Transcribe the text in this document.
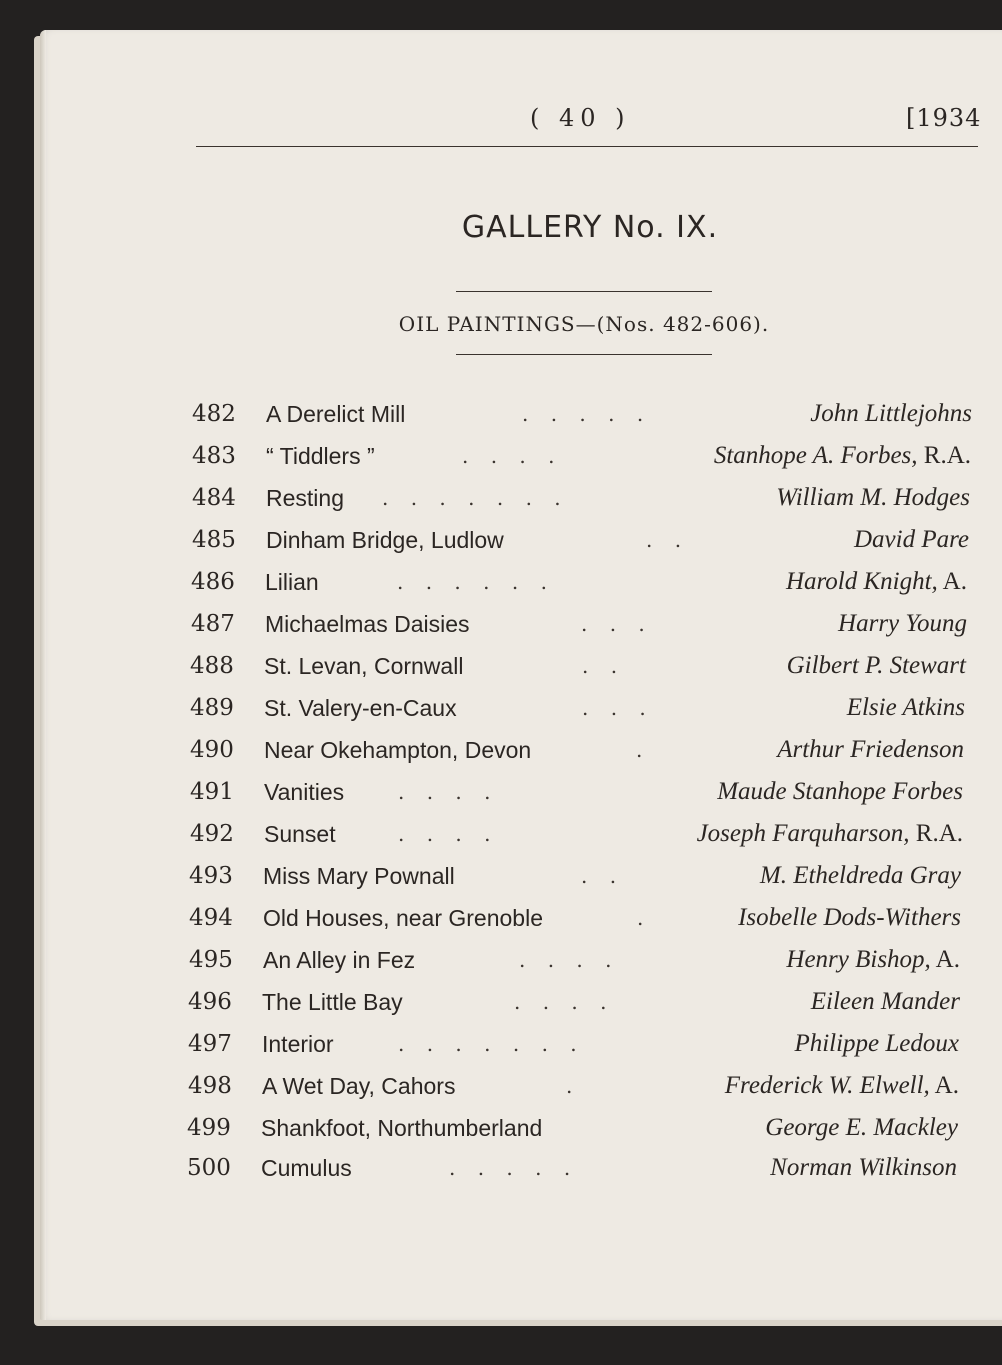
( 40 )	[1934
GALLERY No. IX.
OIL PAINTINGS—(Nos. 482-606).
482 A Derelict Mill	. . . . .	John Littlejohns
483 “ Tiddlers ”	. . . .	Stanhope A. Forbes, R.A.
484 Resting . . . . . . .	William M. Hodges
485 Dinham Bridge, Ludlow	. .	David Pare
486 Lilian	. . . . . .	Harold Knight, A.
487 Michaelmas Daisies	. . .	Harry Young
488 St. Levan, Cornwall	. .	Gilbert P. Stewart
489 St. Valery-en-Caux	. . .	Elsie Atkins
490 Near Okehampton, Devon	.	Arthur Friedenson
491 Vanities	. . . .	Maude Stanhope Forbes
492 Sunset	. . . .	Joseph Farquharson, R.A.
493 Miss Mary Pownall	. .	M. Etheldreda Gray
494 Old Houses, near Grenoble	.	Isobelle Dods-Withers
495 An Alley in Fez	. . . .	Henry Bishop, A.
496 The Little Bay	. . . .	Eileen Mander
497 Interior	. . . . . . .	Philippe Ledoux
498 A Wet Day, Cahors	.	Frederick W. Elwell, A.
499 Shankfoot, Northumberland	George E. Mackley
500 Cumulus	. . . . .	Norman Wilkinson
